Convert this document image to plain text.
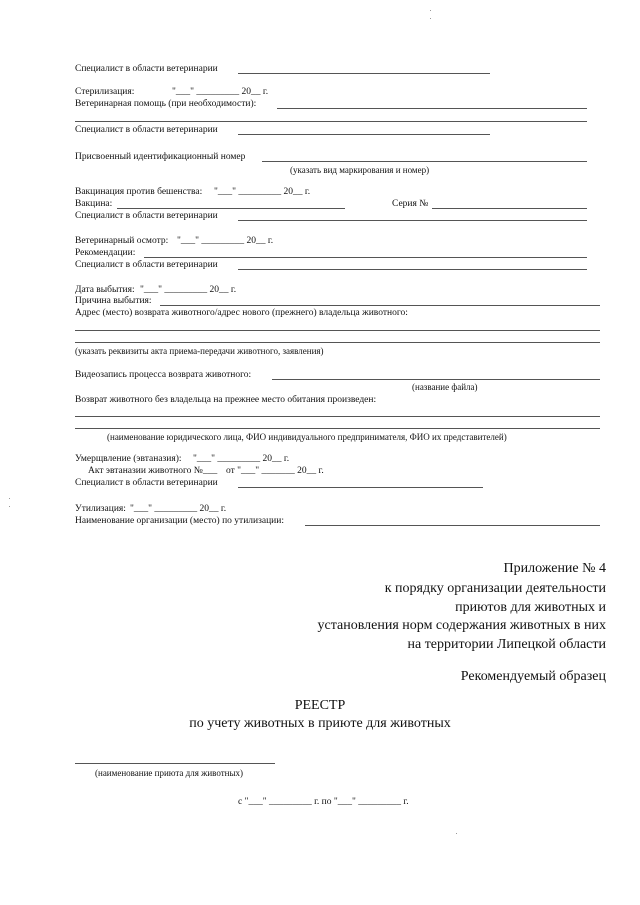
Специалист в области ветеринарии
Стерилизация:	"___" _________ 20__ г.
Ветеринарная помощь (при необходимости):
Специалист в области ветеринарии
Присвоенный идентификационный номер
(указать вид маркирования и номер)
Вакцинация против бешенства: "___" _________ 20__ г.
Вакцина:	Серия №
Специалист в области ветеринарии
Ветеринарный осмотр: "___" _________ 20__ г.
Рекомендации:
Специалист в области ветеринарии
Дата выбытия: "___" _________ 20__ г.
Причина выбытия:
Адрес (место) возврата животного/адрес нового (прежнего) владельца животного:
(указать реквизиты акта приема-передачи животного, заявления)
Видеозапись процесса возврата животного:
(название файла)
Возврат животного без владельца на прежнее место обитания произведен:
(наименование юридического лица, ФИО индивидуального предпринимателя, ФИО их представителей)
Умерщвление (эвтаназия): "___" _________ 20__ г.
Акт эвтаназии животного № ___ от "___" _______ 20__ г.
Специалист в области ветеринарии
Утилизация: "___" _________ 20__ г.
Наименование организации (место) по утилизации:
Приложение № 4
к порядку организации деятельности
приютов для животных и
установления норм содержания животных в них
на территории Липецкой области
Рекомендуемый образец
РЕЕСТР
по учету животных в приюте для животных
(наименование приюта для животных)
с "___" _________ г. по "___" _________ г.
